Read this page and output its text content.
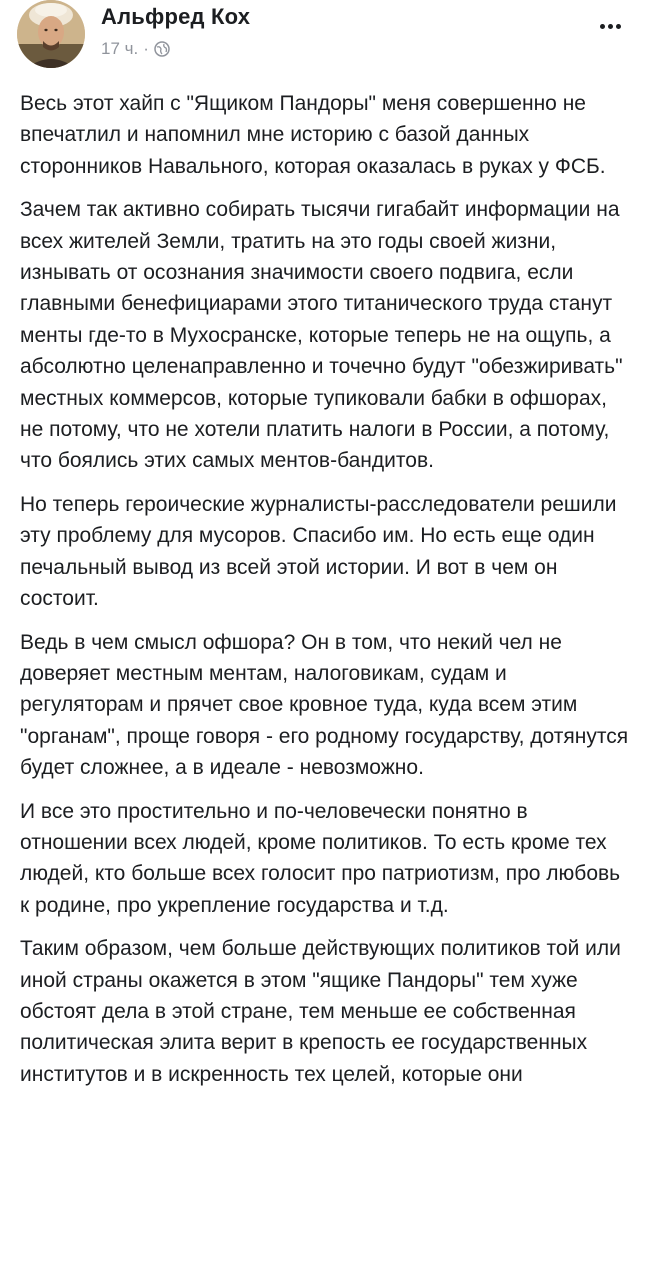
Альфред Кох
17 ч. ·

Весь этот хайп с "Ящиком Пандоры" меня совершенно не впечатлил и напомнил мне историю с базой данных сторонников Навального, которая оказалась в руках у ФСБ.

Зачем так активно собирать тысячи гигабайт информации на всех жителей Земли, тратить на это годы своей жизни, изнывать от осознания значимости своего подвига, если главными бенефициарами этого титанического труда станут менты где-то в Мухосранске, которые теперь не на ощупь, а абсолютно целенаправленно и точечно будут "обезжиривать" местных коммерсов, которые тупиковали бабки в офшорах, не потому, что не хотели платить налоги в России, а потому, что боялись этих самых ментов-бандитов.

Но теперь героические журналисты-расследователи решили эту проблему для мусоров. Спасибо им. Но есть еще один печальный вывод из всей этой истории. И вот в чем он состоит.

Ведь в чем смысл офшора? Он в том, что некий чел не доверяет местным ментам, налоговикам, судам и регуляторам и прячет свое кровное туда, куда всем этим "органам", проще говоря - его родному государству, дотянутся будет сложнее, а в идеале - невозможно.

И все это простительно и по-человечески понятно в отношении всех людей, кроме политиков. То есть кроме тех людей, кто больше всех голосит про патриотизм, про любовь к родине, про укрепление государства и т.д.

Таким образом, чем больше действующих политиков той или иной страны окажется в этом "ящике Пандоры" тем хуже обстоят дела в этой стране, тем меньше ее собственная политическая элита верит в крепость ее государственных институтов и в искренность тех целей, которые они
